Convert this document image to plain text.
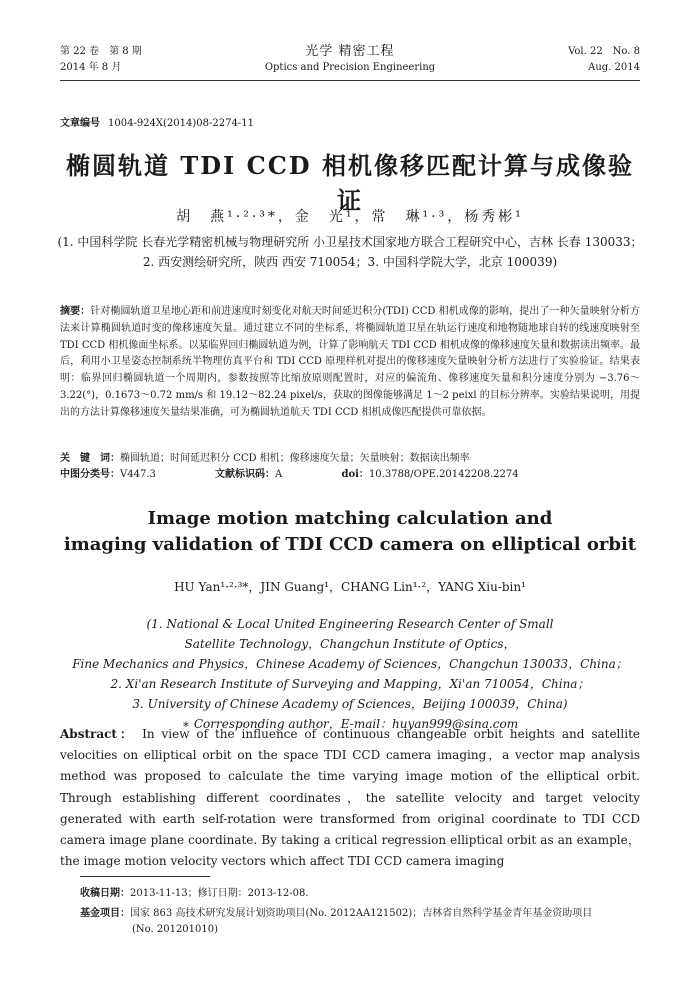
第 22 卷　第 8 期
2014 年 8 月
光学 精密工程
Optics and Precision Engineering
Vol. 22　No. 8
Aug. 2014
文章编号 1004-924X(2014)08-2274-11
椭圆轨道 TDI CCD 相机像移匹配计算与成像验证
胡　燕¹·²·³*，金　光¹，常　琳¹·³，杨秀彬¹
(1. 中国科学院 长春光学精密机械与物理研究所 小卫星技术国家地方联合工程研究中心，吉林 长春 130033；
2. 西安测绘研究所，陕西 西安 710054；3. 中国科学院大学，北京 100039)
摘要：针对椭圆轨道卫星地心距和前进速度时刻变化对航天时间延迟积分(TDI) CCD 相机成像的影响，提出了一种矢量映射分析方法来计算椭圆轨道时变的像移速度矢量。通过建立不同的坐标系，将椭圆轨道卫星在轨运行速度和地物随地球自转的线速度映射至 TDI CCD 相机像面坐标系。以某临界回归椭圆轨道为例，计算了影响航天 TDI CCD 相机成像的像移速度矢量和数据读出频率。最后，利用小卫星姿态控制系统半物理仿真平台和 TDI CCD 原理样机对提出的像移速度矢量映射分析方法进行了实验验证。结果表明：临界回归椭圆轨道一个周期内，参数按照等比缩放原则配置时，对应的偏流角、像移速度矢量和积分速度分别为 −3.76～3.22(°)，0.1673～0.72 mm/s 和 19.12～82.24 pixel/s，获取的图像能够满足 1～2 peixl 的目标分辨率。实验结果说明，用提出的方法计算像移速度矢量结果准确，可为椭圆轨道航天 TDI CCD 相机成像匹配提供可靠依据。
关　键　词：椭圆轨道；时间延迟积分 CCD 相机；像移速度矢量；矢量映射；数据读出频率
中图分类号：V447.3	文献标识码：A	doi：10.3788/OPE.20142208.2274
Image motion matching calculation and
imaging validation of TDI CCD camera on elliptical orbit
HU Yan¹·²·³*，JIN Guang¹，CHANG Lin¹·²，YANG Xiu-bin¹
(1. National & Local United Engineering Research Center of Small
Satellite Technology，Changchun Institute of Optics，
Fine Mechanics and Physics，Chinese Academy of Sciences，Changchun 130033，China；
2. Xi'an Research Institute of Surveying and Mapping，Xi'an 710054，China；
3. University of Chinese Academy of Sciences，Beijing 100039，China)
∗ Corresponding author，E-mail：huyan999@sina.com
Abstract： In view of the influence of continuous changeable orbit heights and satellite velocities on elliptical orbit on the space TDI CCD camera imaging，a vector map analysis method was proposed to calculate the time varying image motion of the elliptical orbit. Through establishing different coordinates，the satellite velocity and target velocity generated with earth self-rotation were transformed from original coordinate to TDI CCD camera image plane coordinate. By taking a critical regression elliptical orbit as an example，the image motion velocity vectors which affect TDI CCD camera imaging
收稿日期：2013-11-13；修订日期：2013-12-08.
基金项目：国家 863 高技术研究发展计划资助项目(No. 2012AA121502)；吉林省自然科学基金青年基金资助项目
(No. 201201010)
